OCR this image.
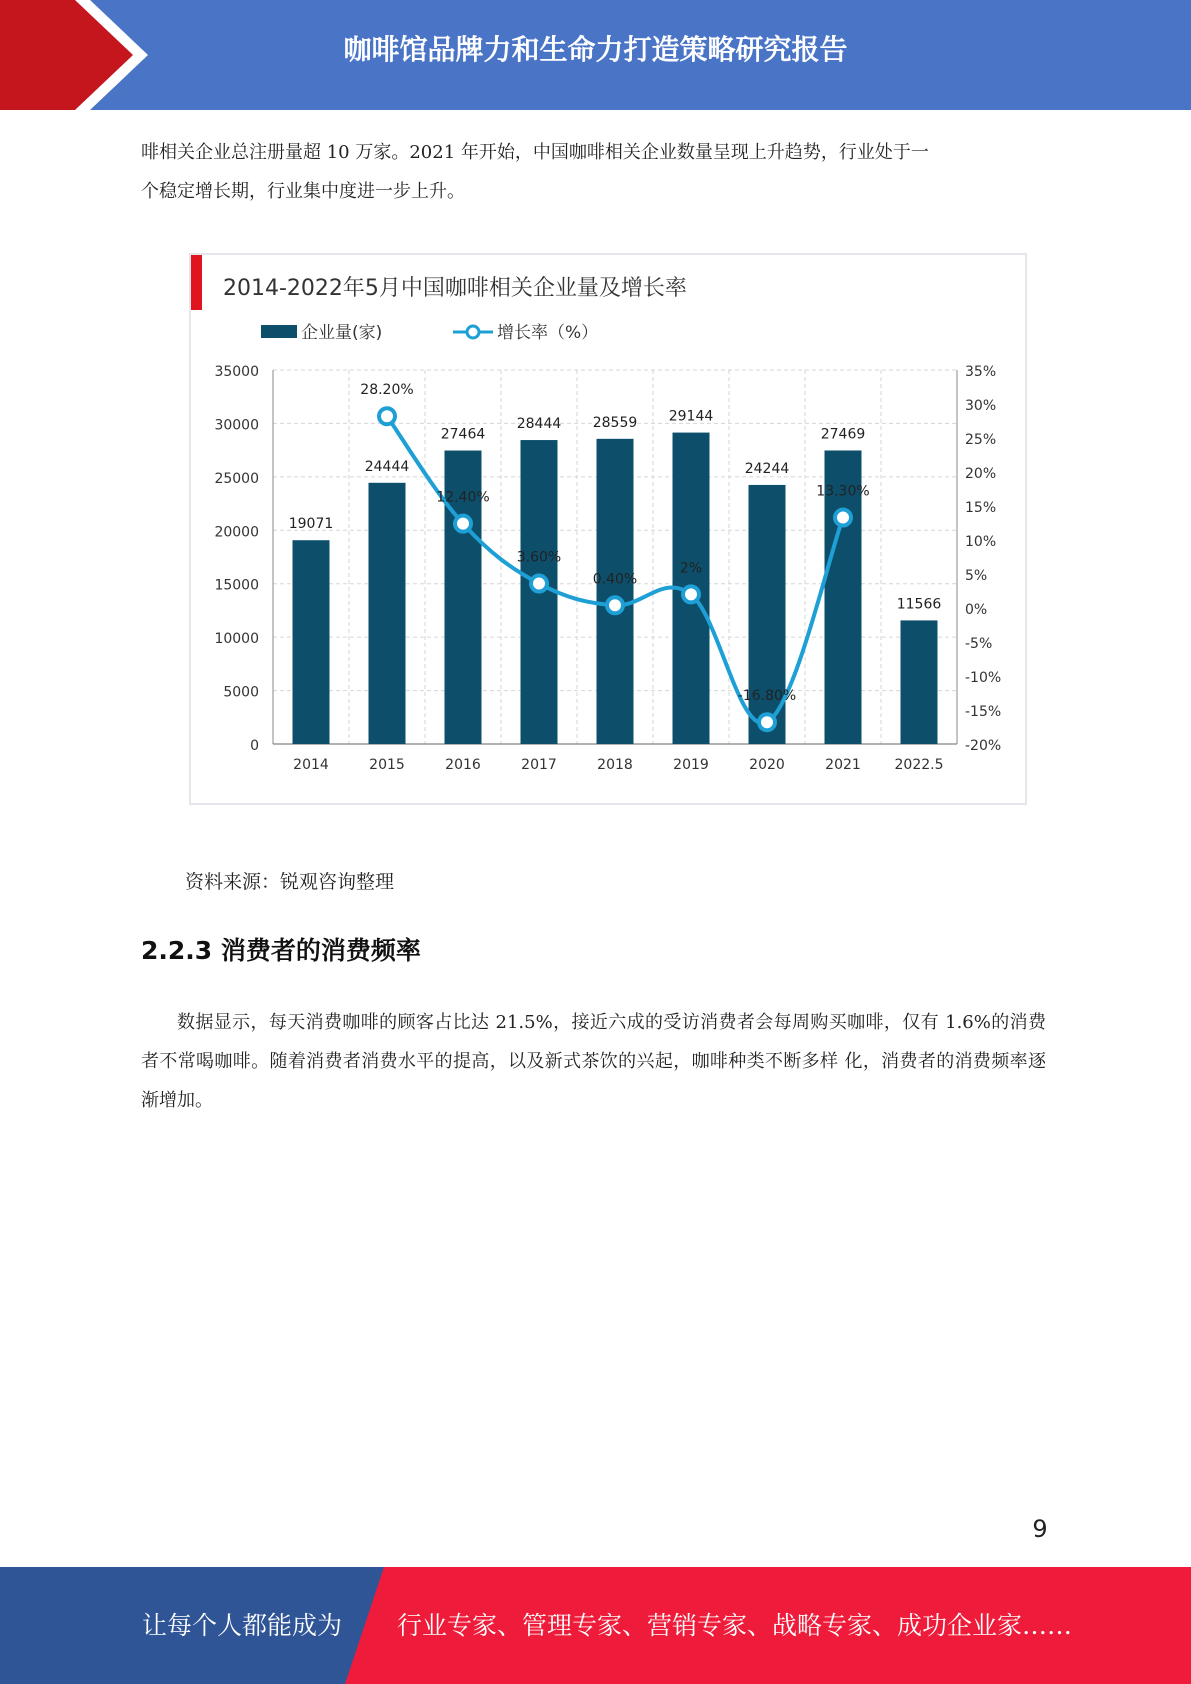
咖啡馆品牌力和生命力打造策略研究报告
啡相关企业总注册量超 10 万家。2021 年开始，中国咖啡相关企业数量呈现上升趋势，行业处于一
个稳定增长期，行业集中度进一步上升。
2014-2022年5月中国咖啡相关企业量及增长率
企业量(家)	增长率（%）
0
5000
10000
15000
20000
25000
30000
35000
-20%
-15%
-10%
-5%
0%
5%
10%
15%
20%
25%
30%
35%
2014	2015	2016	2017	2018	2019	2020	2021 2022.5
19071
24444
27464
28444 28559 29144
24244
27469
11566
28.20%
12.40%
3.60%
0.40%
2%
-16.80%
13.30%
资料来源：锐观咨询整理
2.2.3 消费者的消费频率
数据显示，每天消费咖啡的顾客占比达 21.5%，接近六成的受访消费者会每周购买咖啡，仅有 1.6%的消费者不常喝咖啡。随着消费者消费水平的提高，以及新式茶饮的兴起，咖啡种类不断多样 化，消费者的消费频率逐渐增加。
9
让每个人都能成为 行业专家、管理专家、营销专家、战略专家、成功企业家……
